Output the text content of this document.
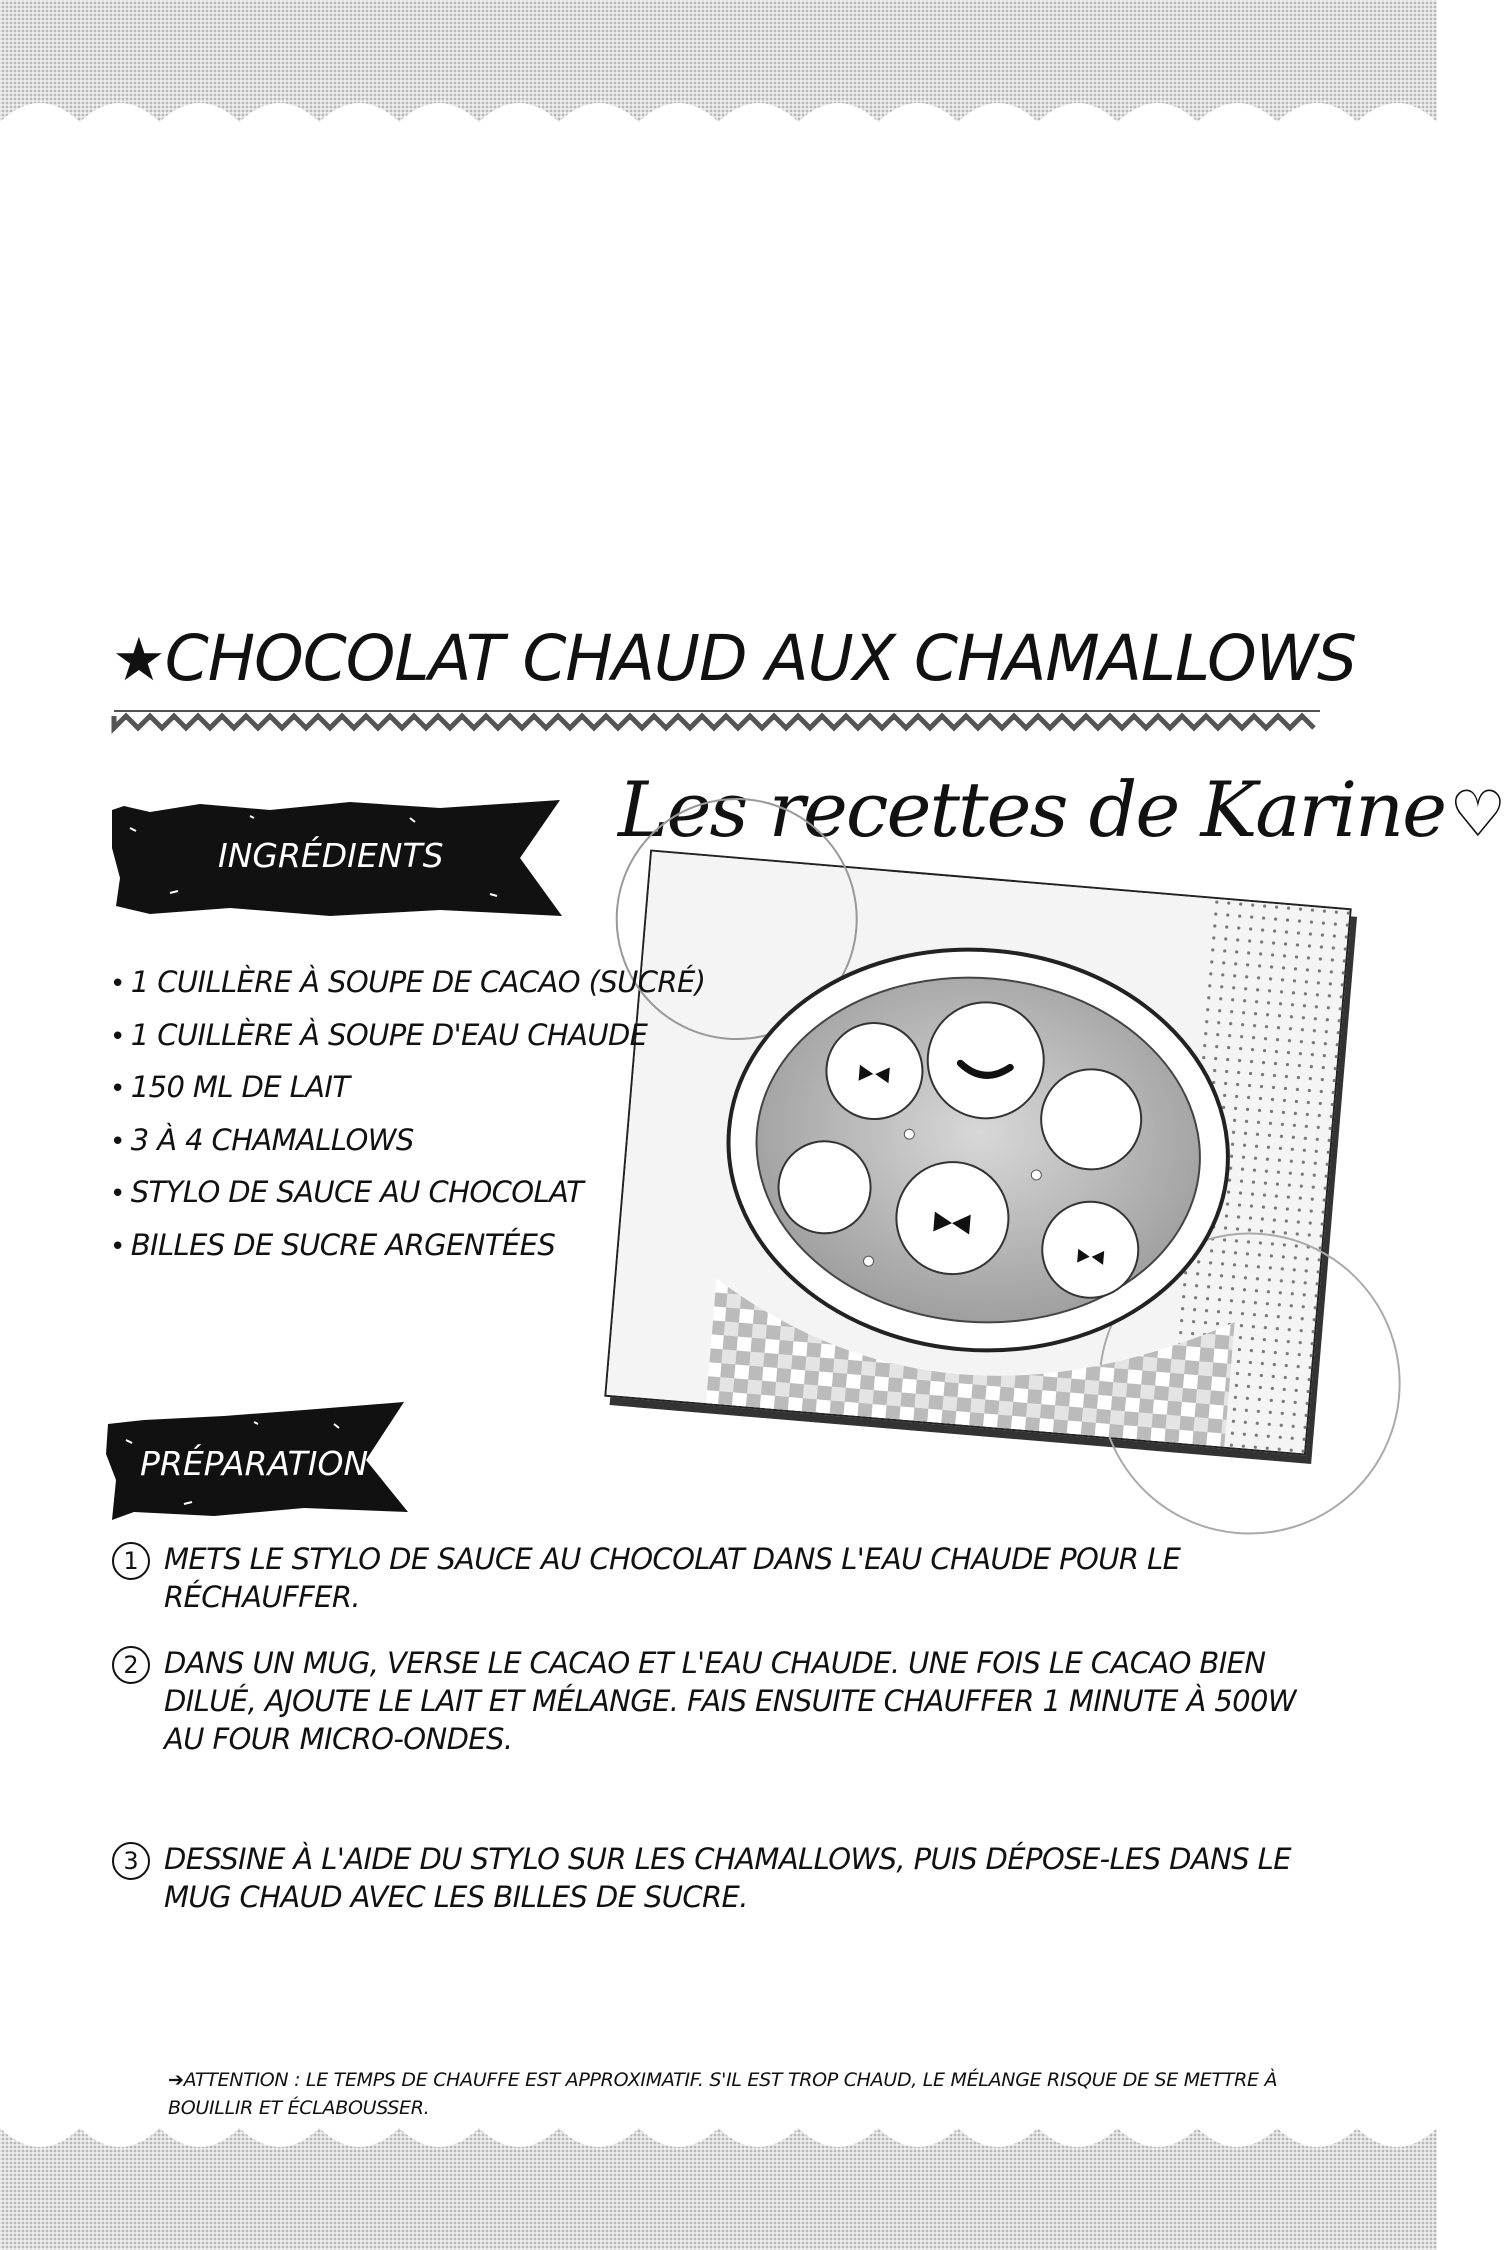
★CHOCOLAT CHAUD AUX CHAMALLOWS
INGRÉDIENTS
Les recettes de Karine♡
• 1 CUILLÈRE À SOUPE DE CACAO (SUCRÉ)
• 1 CUILLÈRE À SOUPE D'EAU CHAUDE
• 150 ML DE LAIT
• 3 À 4 CHAMALLOWS
• STYLO DE SAUCE AU CHOCOLAT
• BILLES DE SUCRE ARGENTÉES
PRÉPARATION
1 METS LE STYLO DE SAUCE AU CHOCOLAT DANS L'EAU CHAUDE POUR LE RÉCHAUFFER.
2 DANS UN MUG, VERSE LE CACAO ET L'EAU CHAUDE. UNE FOIS LE CACAO BIEN DILUÉ, AJOUTE LE LAIT ET MÉLANGE. FAIS ENSUITE CHAUFFER 1 MINUTE À 500W AU FOUR MICRO-ONDES.
3 DESSINE À L'AIDE DU STYLO SUR LES CHAMALLOWS, PUIS DÉPOSE-LES DANS LE MUG CHAUD AVEC LES BILLES DE SUCRE.
➔ATTENTION : LE TEMPS DE CHAUFFE EST APPROXIMATIF. S'IL EST TROP CHAUD, LE MÉLANGE RISQUE DE SE METTRE À BOUILLIR ET ÉCLABOUSSER.
